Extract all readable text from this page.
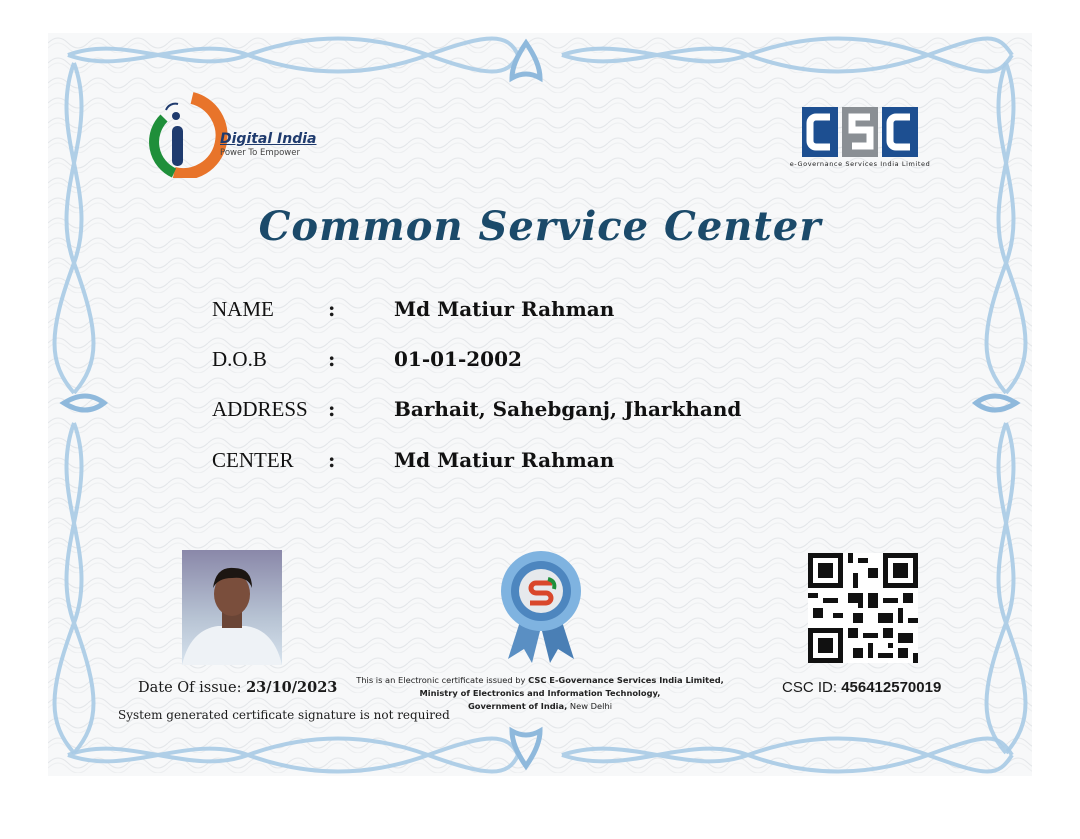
Digital India
Power To Empower
e-Governance Services India Limited
Common Service Center
NAME	:	Md Matiur Rahman
D.O.B	:	01-01-2002
ADDRESS :	Barhait, Sahebganj, Jharkhand
CENTER :	Md Matiur Rahman
Date Of issue: 23/10/2023
System generated certificate signature is not required
This is an Electronic certificate issued by CSC E-Governance Services India Limited,
Ministry of Electronics and Information Technology,
Government of India, New Delhi
CSC ID: 456412570019
